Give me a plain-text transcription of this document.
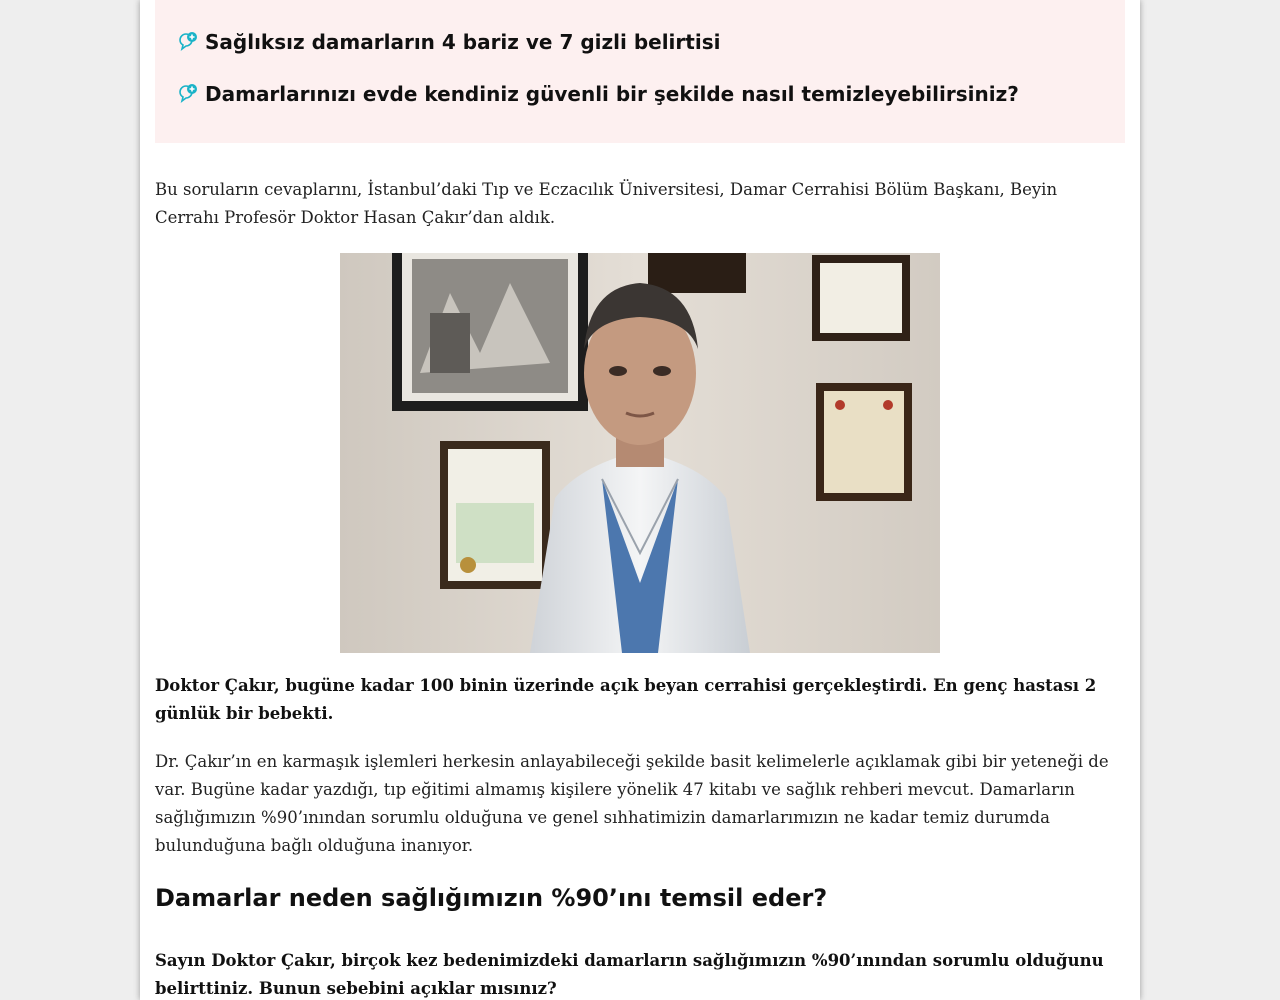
Sağlıksız damarların 4 bariz ve 7 gizli belirtisi
Damarlarınızı evde kendiniz güvenli bir şekilde nasıl temizleyebilirsiniz?
Bu soruların cevaplarını, İstanbul’daki Tıp ve Eczacılık Üniversitesi, Damar Cerrahisi Bölüm Başkanı, Beyin Cerrahı Profesör Doktor Hasan Çakır’dan aldık.
Doktor Çakır, bugüne kadar 100 binin üzerinde açık beyan cerrahisi gerçekleştirdi. En genç hastası 2 günlük bir bebekti.
Dr. Çakır’ın en karmaşık işlemleri herkesin anlayabileceği şekilde basit kelimelerle açıklamak gibi bir yeteneği de var. Bugüne kadar yazdığı, tıp eğitimi almamış kişilere yönelik 47 kitabı ve sağlık rehberi mevcut. Damarların sağlığımızın %90’ınından sorumlu olduğuna ve genel sıhhatimizin damarlarımızın ne kadar temiz durumda bulunduğuna bağlı olduğuna inanıyor.
Damarlar neden sağlığımızın %90’ını temsil eder?
Sayın Doktor Çakır, birçok kez bedenimizdeki damarların sağlığımızın %90’ınından sorumlu olduğunu belirttiniz. Bunun sebebini açıklar mısınız?
